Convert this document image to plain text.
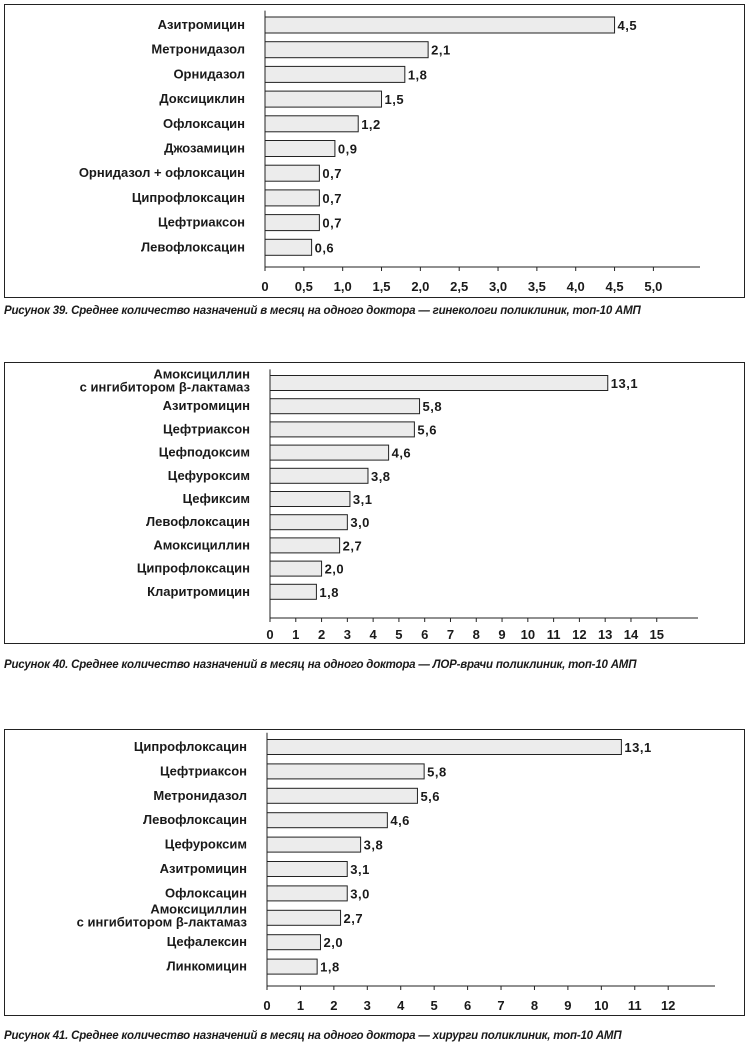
Азитромицин	4,5
Метронидазол	2,1
Орнидазол	1,8
Доксициклин	1,5
Офлоксацин	1,2
Джозамицин	0,9
Орнидазол + офлоксацин	0,7
Ципрофлоксацин	0,7
Цефтриаксон	0,7
Левофлоксацин	0,6
0 0,5 1,0 1,5 2,0 2,5 3,0 3,5 4,0 4,5 5,0
Рисунок 39. Среднее количество назначений в месяц на одного доктора — гинекологи поликлиник, топ-10 АМП
Амоксициллин
с ингибитором β-лактамаз	13,1
Азитромицин	5,8
Цефтриаксон	5,6
Цефподоксим	4,6
Цефуроксим	3,8
Цефиксим	3,1
Левофлоксацин	3,0
Амоксициллин	2,7
Ципрофлоксацин	2,0
Кларитромицин	1,8
0 1 2 3 4 5 6 7 8 9 10 11 12 13 14 15
Рисунок 40. Среднее количество назначений в месяц на одного доктора — ЛОР-врачи поликлиник, топ-10 АМП
Ципрофлоксацин	13,1
Цефтриаксон	5,8
Метронидазол	5,6
Левофлоксацин	4,6
Цефуроксим	3,8
Азитромицин	3,1
Офлоксацин	3,0
Амоксициллин
с ингибитором β-лактамаз	2,7
Цефалексин	2,0
Линкомицин	1,8
0 1 2 3 4 5 6 7 8 9 10 11 12
Рисунок 41. Среднее количество назначений в месяц на одного доктора — хирурги поликлиник, топ-10 АМП
